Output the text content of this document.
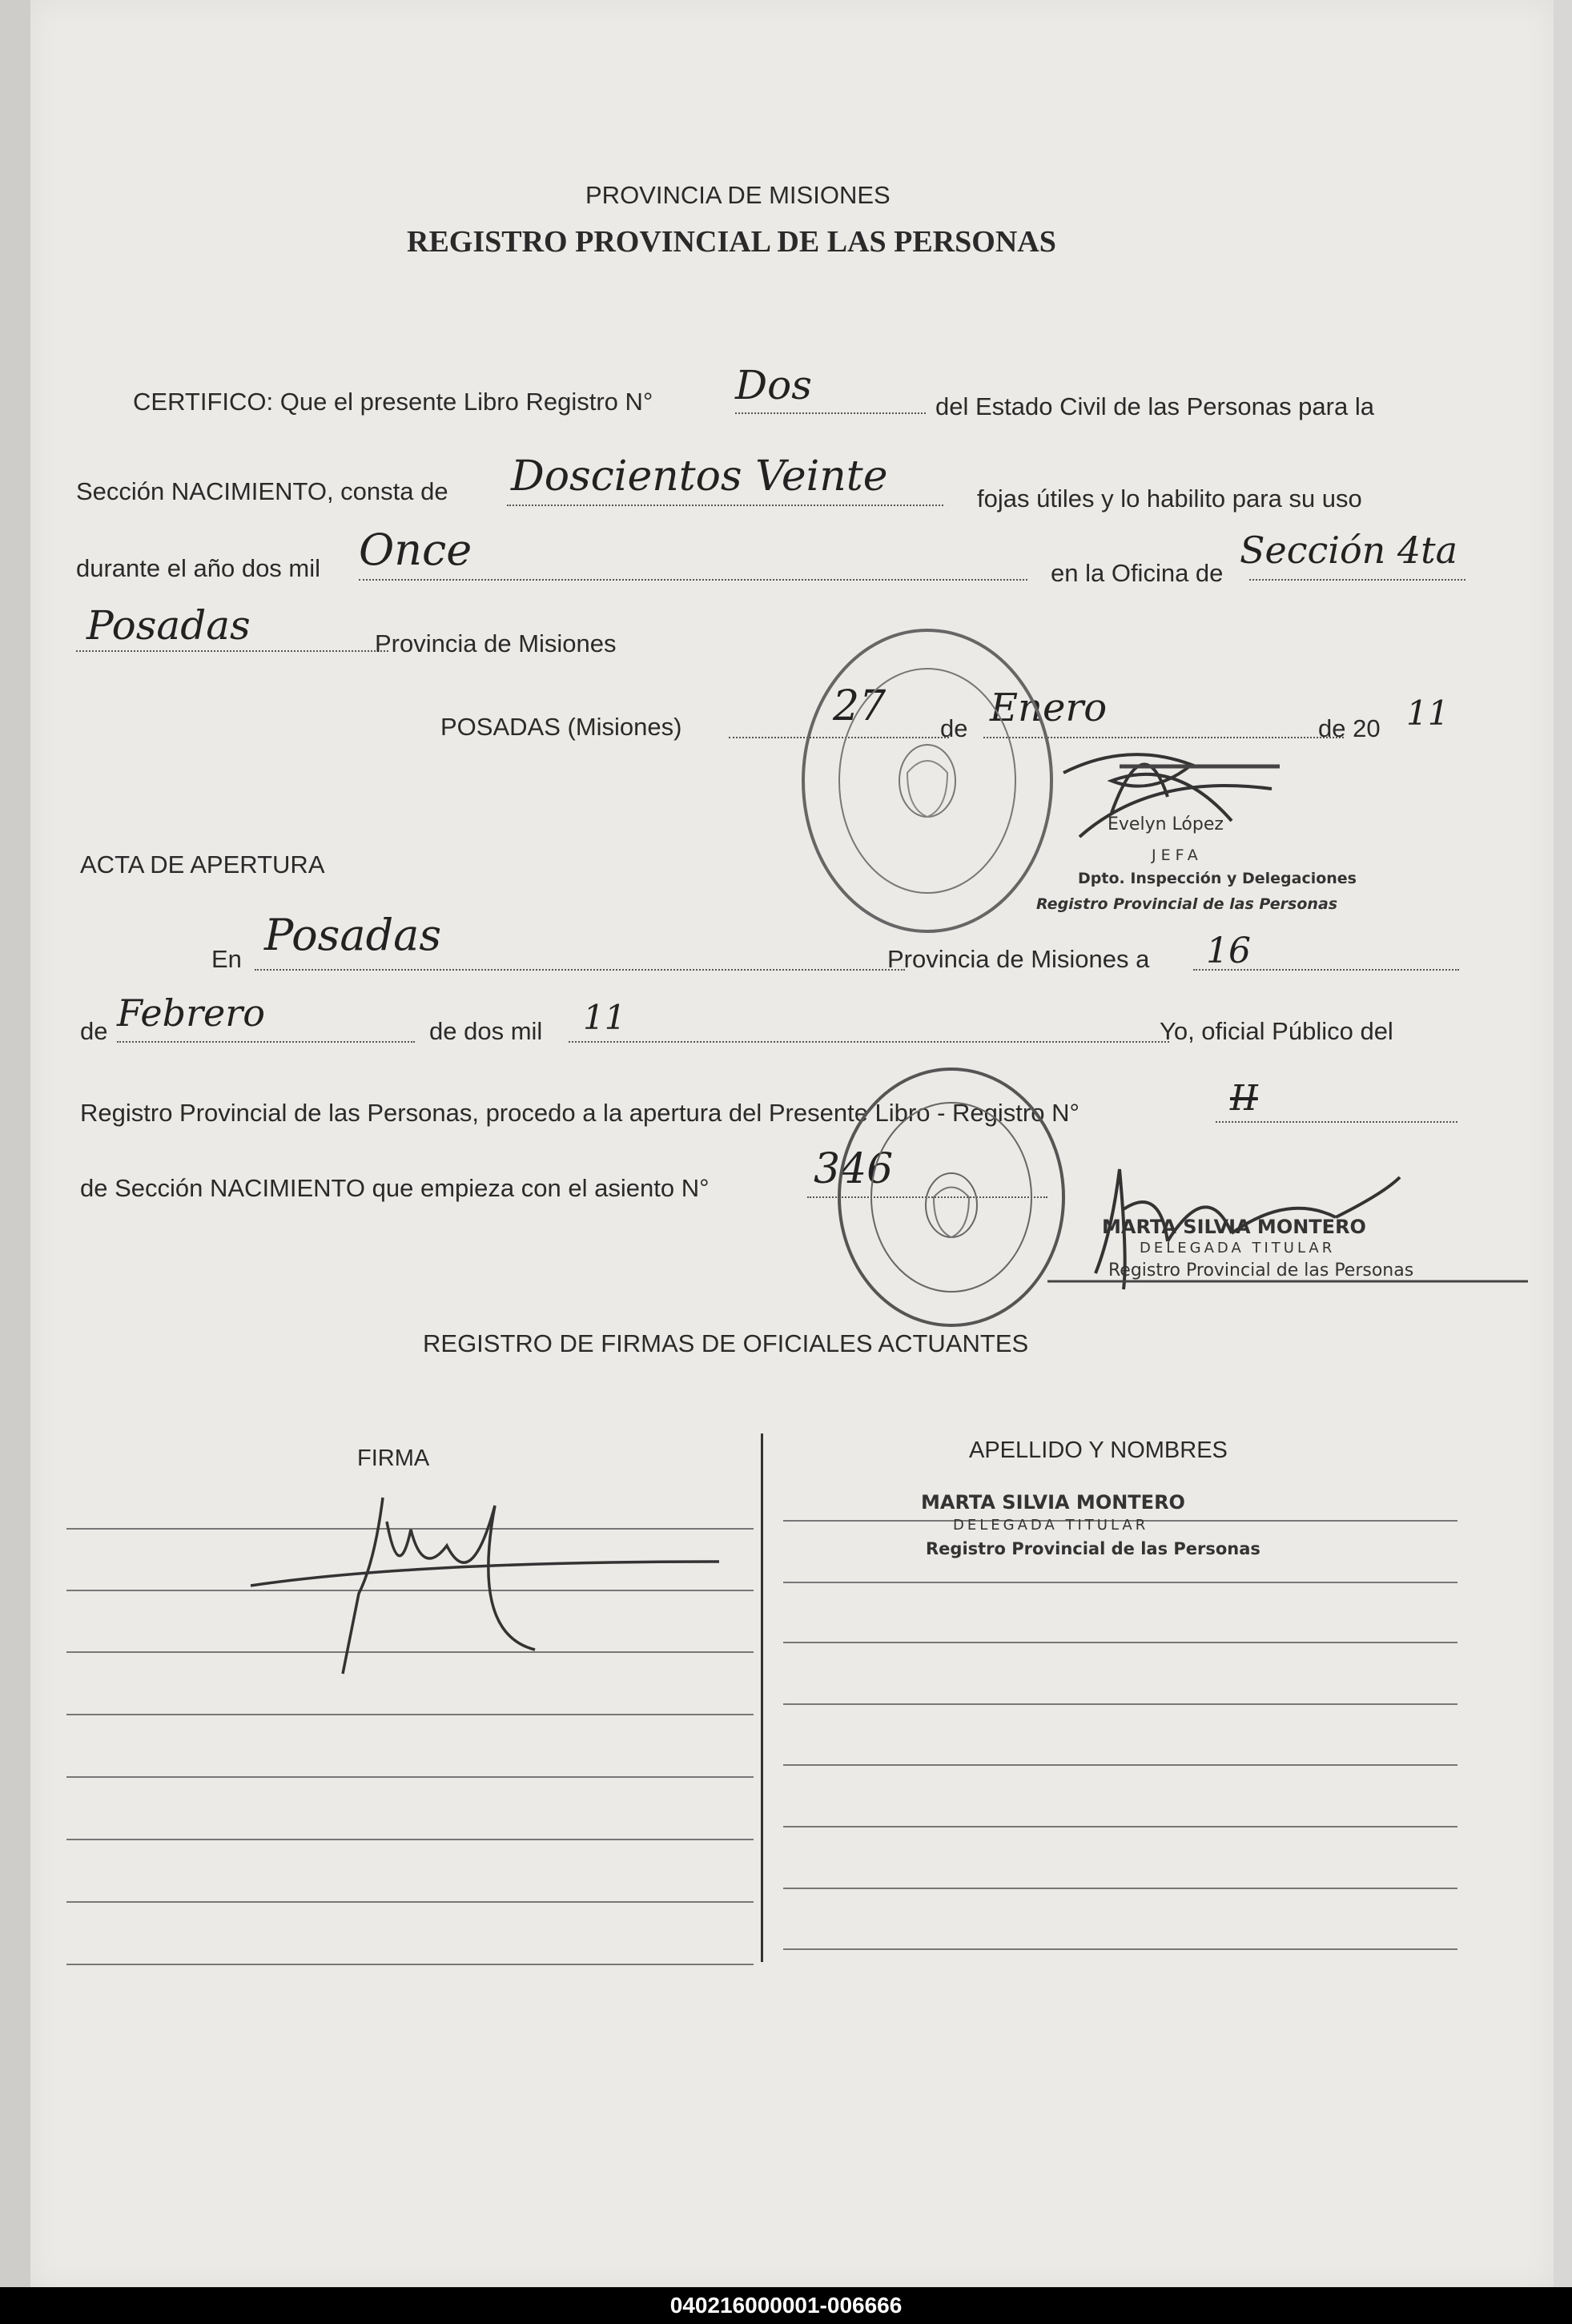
PROVINCIA DE MISIONES
REGISTRO PROVINCIAL DE LAS PERSONAS
CERTIFICO: Que el presente Libro Registro N° Dos	del Estado Civil de las Personas para la
Sección NACIMIENTO, consta de Doscientos Veinte	fojas útiles y lo habilito para su uso
durante el año dos mil Once	en la Oficina de
Sección 4ta
Posadas	Provincia de Misiones
POSADAS (Misiones)	27 de Enero	de 20 11
Evelyn López
JEFA
Dpto. Inspección y Delegaciones
Registro Provincial de las Personas
ACTA DE APERTURA
En Posadas	Provincia de Misiones a 16
de Febrero	de dos mil 11	Yo, oficial Público del
Registro Provincial de las Personas, procedo a la apertura del Presente Libro - Registro N°	II
de Sección NACIMIENTO que empieza con el asiento N°	346
MARTA SILVIA MONTERO
DELEGADA TITULAR
Registro Provincial de las Personas
REGISTRO DE FIRMAS DE OFICIALES ACTUANTES
FIRMA	APELLIDO Y NOMBRES
MARTA SILVIA MONTERO
DELEGADA TITULAR
Registro Provincial de las Personas
040216000001-006666
